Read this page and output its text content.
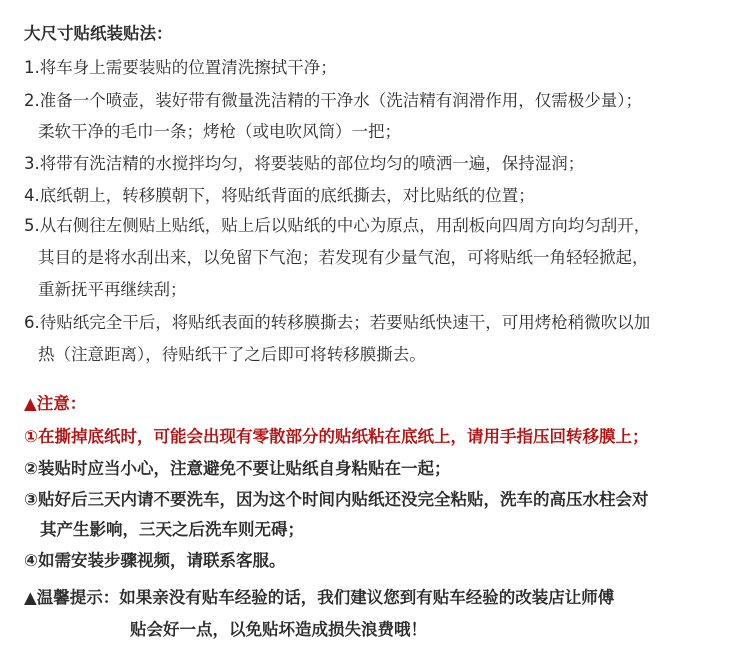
大尺寸贴纸装贴法：
1.将车身上需要装贴的位置清洗擦拭干净；
2.准备一个喷壶，装好带有微量洗洁精的干净水（洗洁精有润滑作用，仅需极少量）；
柔软干净的毛巾一条；烤枪（或电吹风筒）一把；
3.将带有洗洁精的水搅拌均匀，将要装贴的部位均匀的喷洒一遍，保持湿润；
4.底纸朝上，转移膜朝下，将贴纸背面的底纸撕去，对比贴纸的位置；
5.从右侧往左侧贴上贴纸，贴上后以贴纸的中心为原点，用刮板向四周方向均匀刮开，
其目的是将水刮出来，以免留下气泡；若发现有少量气泡，可将贴纸一角轻轻掀起，
重新抚平再继续刮；
6.待贴纸完全干后，将贴纸表面的转移膜撕去；若要贴纸快速干，可用烤枪稍微吹以加
热（注意距离），待贴纸干了之后即可将转移膜撕去。
▲注意：
①在撕掉底纸时，可能会出现有零散部分的贴纸粘在底纸上，请用手指压回转移膜上；
②装贴时应当小心，注意避免不要让贴纸自身粘贴在一起；
③贴好后三天内请不要洗车，因为这个时间内贴纸还没完全粘贴，洗车的高压水柱会对
其产生影响，三天之后洗车则无碍；
④如需安装步骤视频，请联系客服。
▲温馨提示：如果亲没有贴车经验的话，我们建议您到有贴车经验的改装店让师傅
贴会好一点，以免贴坏造成损失浪费哦！
